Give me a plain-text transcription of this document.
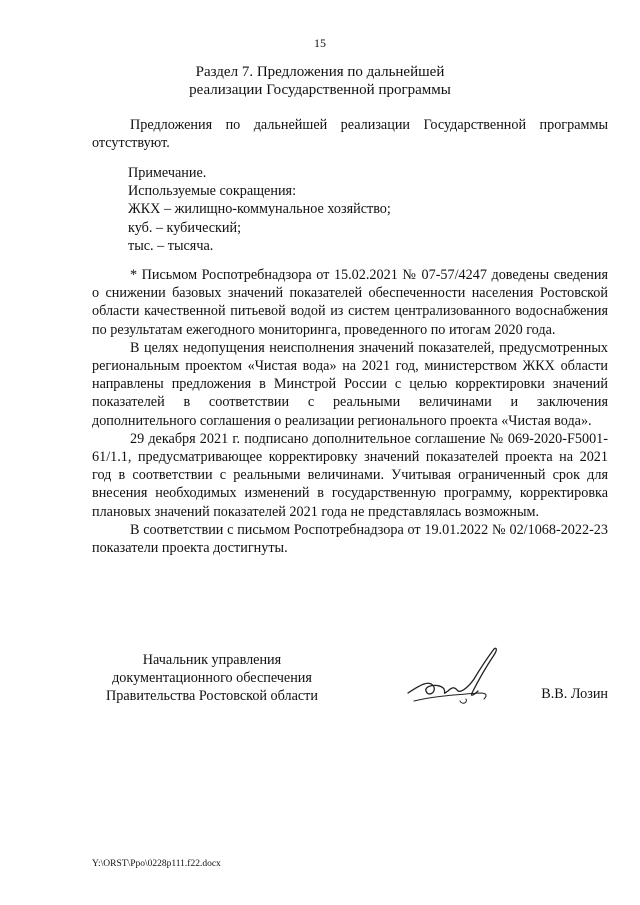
15
Раздел 7. Предложения по дальнейшей
реализации Государственной программы

Предложения по дальнейшей реализации Государственной программы отсутствуют.

Примечание.
Используемые сокращения:
ЖКХ – жилищно-коммунальное хозяйство;
куб. – кубический;
тыс. – тысяча.

* Письмом Роспотребнадзора от 15.02.2021 № 07-57/4247 доведены сведения о снижении базовых значений показателей обеспеченности населения Ростовской области качественной питьевой водой из систем централизованного водоснабжения по результатам ежегодного мониторинга, проведенного по итогам 2020 года.

В целях недопущения неисполнения значений показателей, предусмотренных региональным проектом «Чистая вода» на 2021 год, министерством ЖКХ области направлены предложения в Минстрой России с целью корректировки значений показателей в соответствии с реальными величинами и заключения дополнительного соглашения о реализации регионального проекта «Чистая вода».

29 декабря 2021 г. подписано дополнительное соглашение № 069-2020-F5001-61/1.1, предусматривающее корректировку значений показателей проекта на 2021 год в соответствии с реальными величинами. Учитывая ограниченный срок для внесения необходимых изменений в государственную программу, корректировка плановых значений показателей 2021 года не представлялась возможным.

В соответствии с письмом Роспотребнадзора от 19.01.2022 № 02/1068-2022-23 показатели проекта достигнуты.

Начальник управления
документационного обеспечения
Правительства Ростовской области	В.В. Лозин
Y:\ORST\Ppo\0228p111.f22.docx
